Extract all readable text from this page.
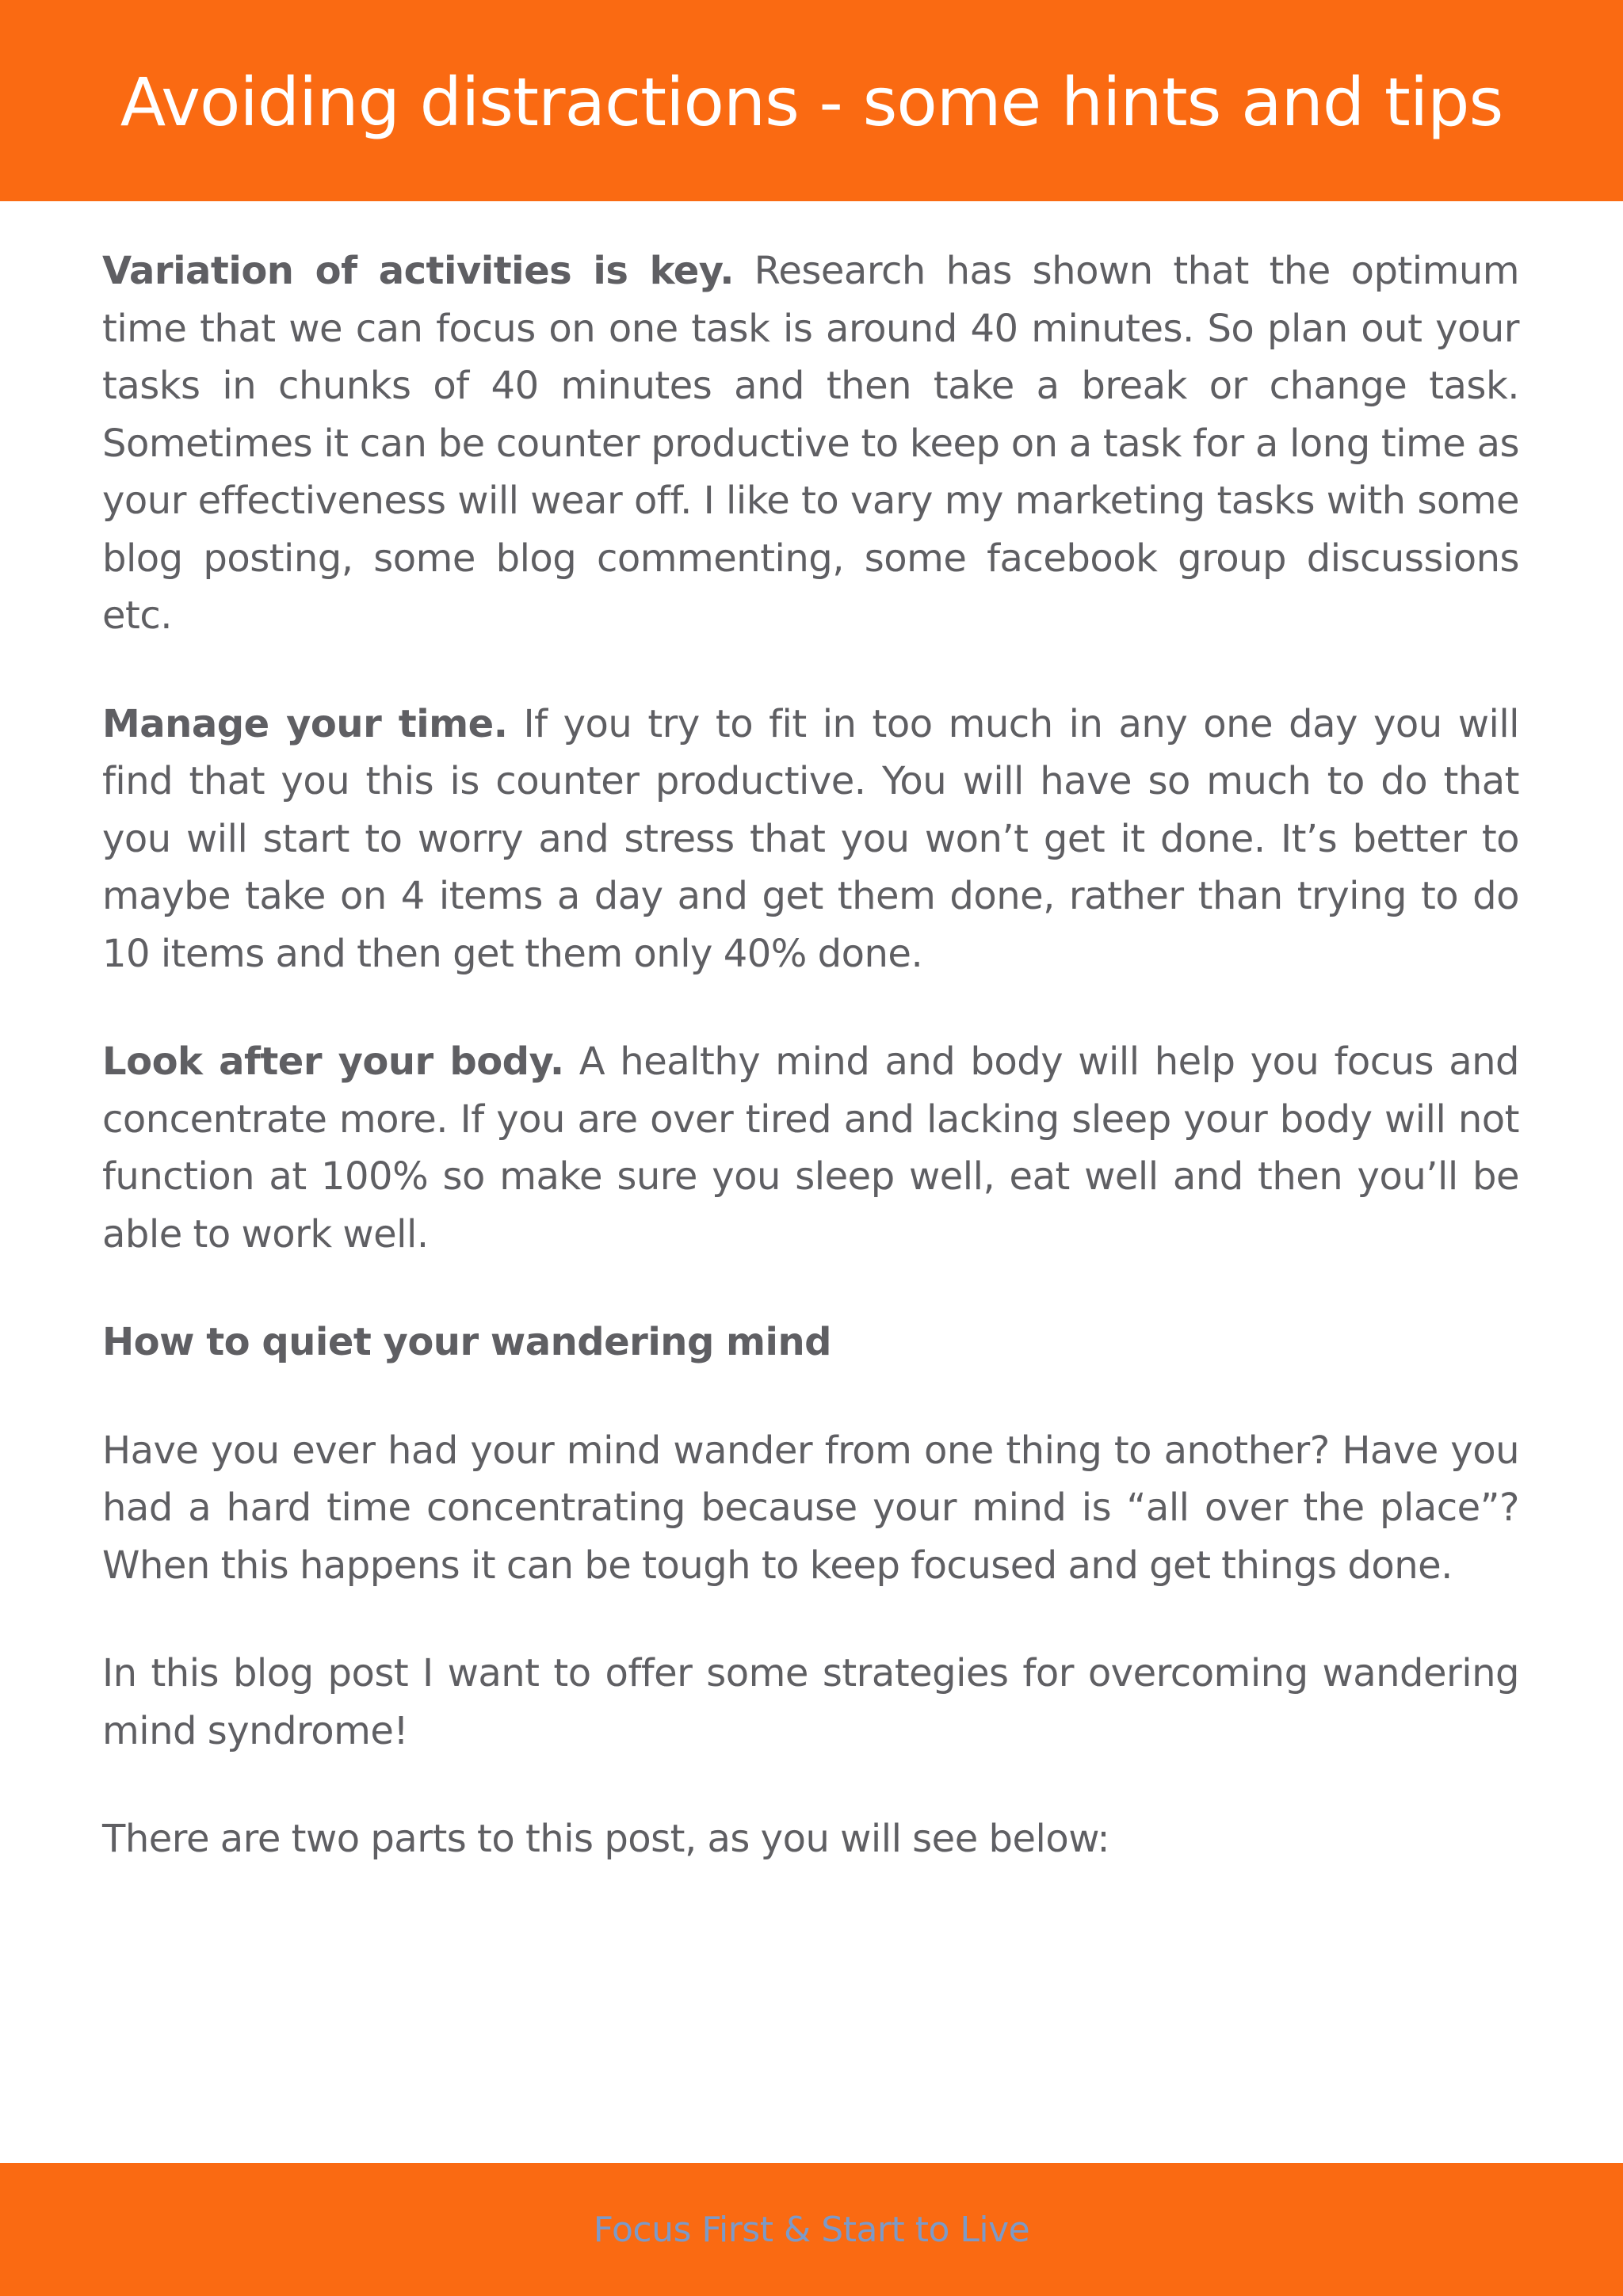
Avoiding distractions - some hints and tips

Variation of activities is key. Research has shown that the optimum time that we can focus on one task is around 40 minutes. So plan out your tasks in chunks of 40 minutes and then take a break or change task. Sometimes it can be counter productive to keep on a task for a long time as your effectiveness will wear off. I like to vary my marketing tasks with some blog posting, some blog commenting, some facebook group discussions etc.

Manage your time. If you try to fit in too much in any one day you will find that you this is counter productive. You will have so much to do that you will start to worry and stress that you won’t get it done. It’s better to maybe take on 4 items a day and get them done, rather than trying to do 10 items and then get them only 40% done.

Look after your body. A healthy mind and body will help you focus and concentrate more. If you are over tired and lacking sleep your body will not function at 100% so make sure you sleep well, eat well and then you’ll be able to work well.

How to quiet your wandering mind

Have you ever had your mind wander from one thing to another? Have you had a hard time concentrating because your mind is “all over the place”? When this happens it can be tough to keep focused and get things done.

In this blog post I want to offer some strategies for overcoming wandering mind syndrome!

There are two parts to this post, as you will see below:

Focus First & Start to Live
